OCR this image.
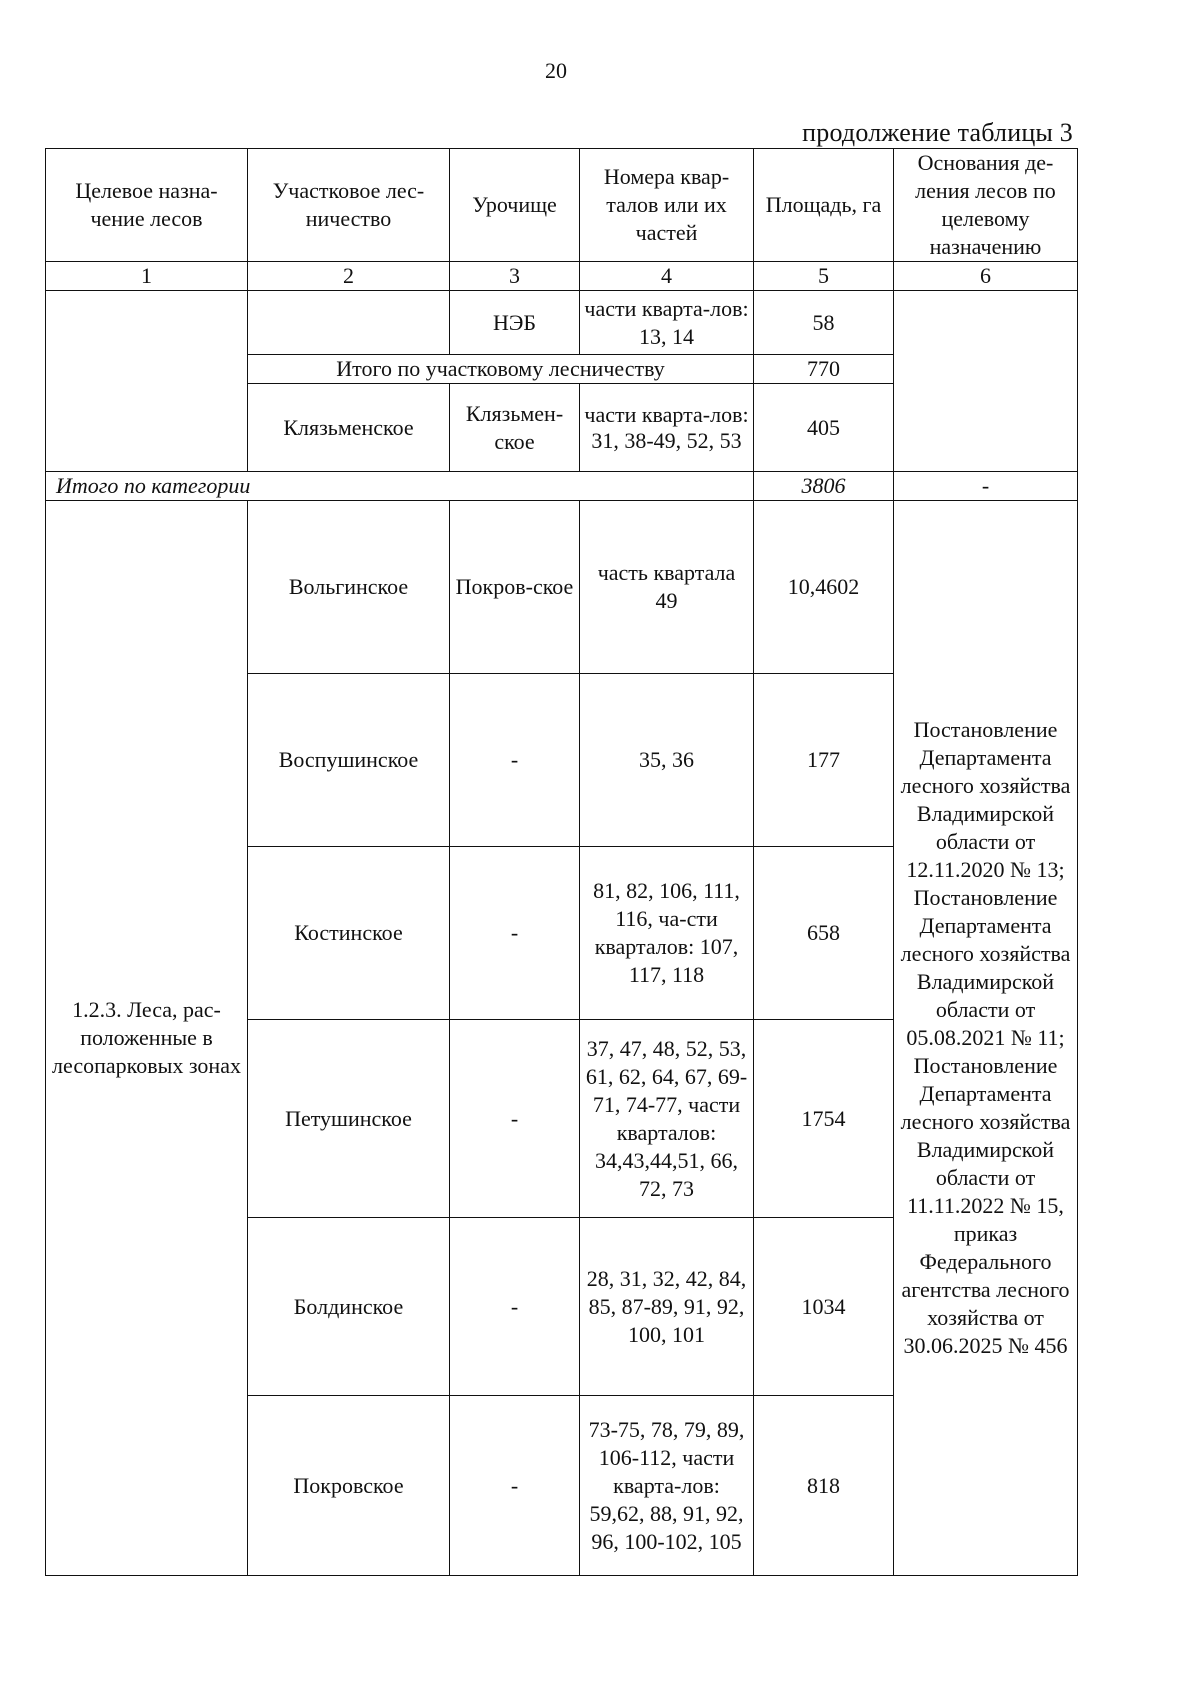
20
продолжение таблицы 3
Целевое назна-чение лесов	Участковое лес-ничество	Урочище	Номера квар-талов или их частей	Площадь, га	Основания де-ления лесов по целевому назначению
1	2	3	4	5	6
		НЭБ	части кварта-лов: 13, 14	58	
	Итого по участковому лесничеству			770	
	Клязьменское	Клязьмен-ское	части кварта-лов: 31, 38-49, 52, 53	405	
Итого по категории				3806	-
1.2.3. Леса, рас-положенные в лесопарковых зонах	Вольгинское	Покров-ское	часть квартала 49	10,4602	Постановление Департамента лесного хозяйства Владимирской области от 12.11.2020 № 13; Постановление Департамента лесного хозяйства Владимирской области от 05.08.2021 № 11; Постановление Департамента лесного хозяйства Владимирской области от 11.11.2022 № 15, приказ Федерального агентства лесного хозяйства от 30.06.2025 № 456
	Воспушинское	-	35, 36	177	
	Костинское	-	81, 82, 106, 111, 116, ча-сти кварталов: 107, 117, 118	658	
	Петушинское	-	37, 47, 48, 52, 53, 61, 62, 64, 67, 69-71, 74-77, части кварталов: 34,43,44,51, 66, 72, 73	1754	
	Болдинское	-	28, 31, 32, 42, 84, 85, 87-89, 91, 92, 100, 101	1034	
	Покровское	-	73-75, 78, 79, 89, 106-112, части кварта-лов: 59,62, 88, 91, 92, 96, 100-102, 105	818	
